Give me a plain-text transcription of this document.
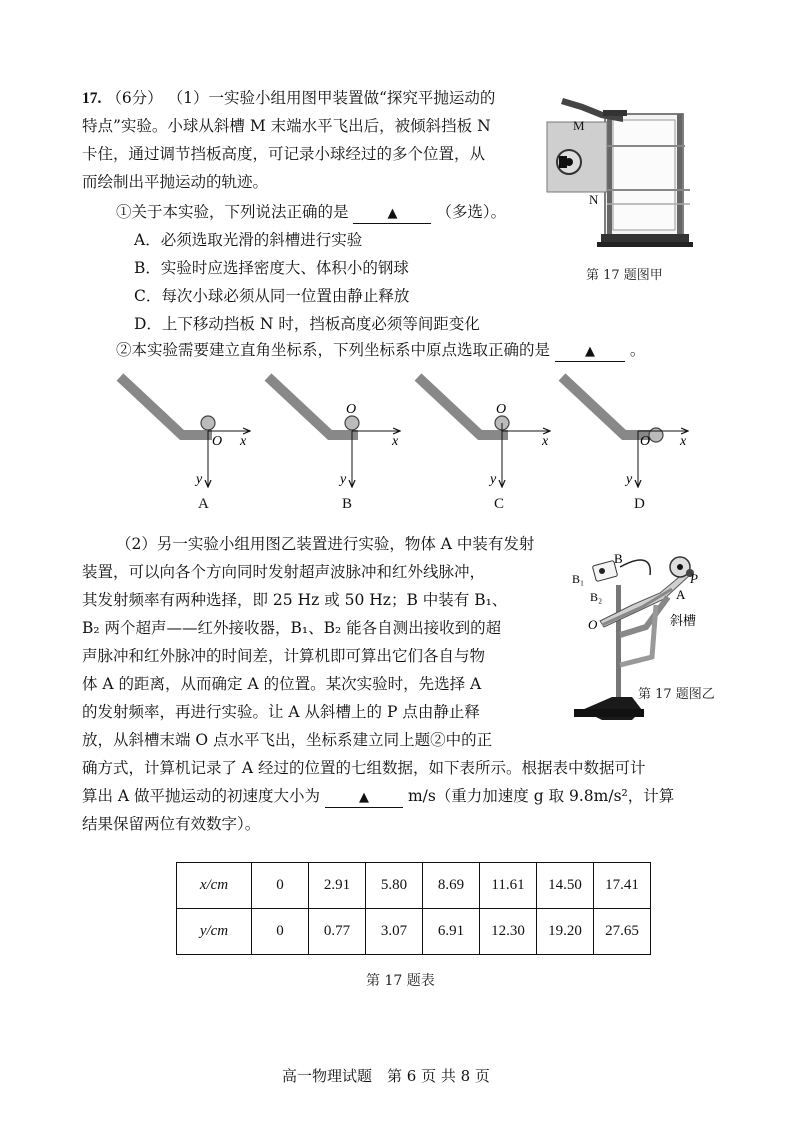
17. （6分） （1）一实验小组用图甲装置做“探究平抛运动的
特点”实验。小球从斜槽 M 末端水平飞出后，被倾斜挡板 N
卡住，通过调节挡板高度，可记录小球经过的多个位置，从
而绘制出平抛运动的轨迹。
①关于本实验，下列说法正确的是	▲	（多选）。
A．必须选取光滑的斜槽进行实验
B．实验时应选择密度大、体积小的钢球
C．每次小球必须从同一位置由静止释放
D．上下移动挡板 N 时，挡板高度必须等间距变化
②本实验需要建立直角坐标系，下列坐标系中原点选取正确的是	▲ 。
M
N
第 17 题图甲
O x
y
O
x
y
O
x
y
O x
y
A	B	C	D
（2）另一实验小组用图乙装置进行实验，物体 A 中装有发射
装置，可以向各个方向同时发射超声波脉冲和红外线脉冲，
其发射频率有两种选择，即 25 Hz 或 50 Hz；B 中装有 B₁、
B₂ 两个超声——红外接收器，B₁、B₂ 能各自测出接收到的超
声脉冲和红外脉冲的时间差，计算机即可算出它们各自与物
体 A 的距离，从而确定 A 的位置。某次实验时，先选择 A
的发射频率，再进行实验。让 A 从斜槽上的 P 点由静止释
放，从斜槽末端 O 点水平飞出，坐标系建立同上题②中的正
确方式，计算机记录了 A 经过的位置的七组数据，如下表所示。根据表中数据可计
算出 A 做平抛运动的初速度大小为	▲	m/s（重力加速度 g 取 9.8m/s²，计算
结果保留两位有效数字）。
B
B₁
B₂
P
A
O	斜槽
第 17 题图乙
x/cm	0	2.91	5.80	8.69	11.61	14.50	17.41
y/cm	0	0.77	3.07	6.91	12.30	19.20	27.65
第 17 题表
高一物理试题　第 6 页 共 8 页
